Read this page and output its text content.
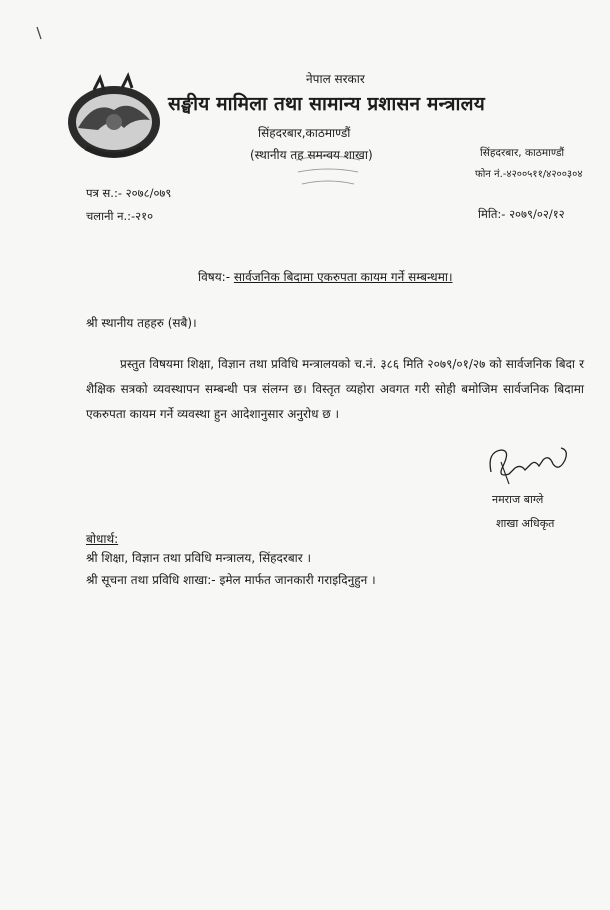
नेपाल सरकार
सङ्घीय मामिला तथा सामान्य प्रशासन मन्त्रालय
सिंहदरबार,काठमाण्डौं
(स्थानीय तह समन्वय शाखा)	सिंहदरबार, काठमाण्डौं
फोन नं.-४२००५११/४२००३०४
पत्र स.:- २०७८/०७९
चलानी न.:-२१०	मिति:- २०७९/०२/१२
विषय:- सार्वजनिक बिदामा एकरुपता कायम गर्ने सम्बन्धमा।
श्री स्थानीय तहहरु (सबै)।
प्रस्तुत विषयमा शिक्षा, विज्ञान तथा प्रविधि मन्त्रालयको च.नं. ३८६ मिति २०७९/०१/२७ को सार्वजनिक बिदा र शैक्षिक सत्रको व्यवस्थापन सम्बन्धी पत्र संलग्न छ। विस्तृत व्यहोरा अवगत गरी सोही बमोजिम सार्वजनिक बिदामा एकरुपता कायम गर्ने व्यवस्था हुन आदेशानुसार अनुरोध छ ।
नमराज बाग्ले
शाखा अधिकृत
बोधार्थ:
श्री शिक्षा, विज्ञान तथा प्रविधि मन्त्रालय, सिंहदरबार ।
श्री सूचना तथा प्रविधि शाखा:- इमेल मार्फत जानकारी गराइदिनुहुन ।
